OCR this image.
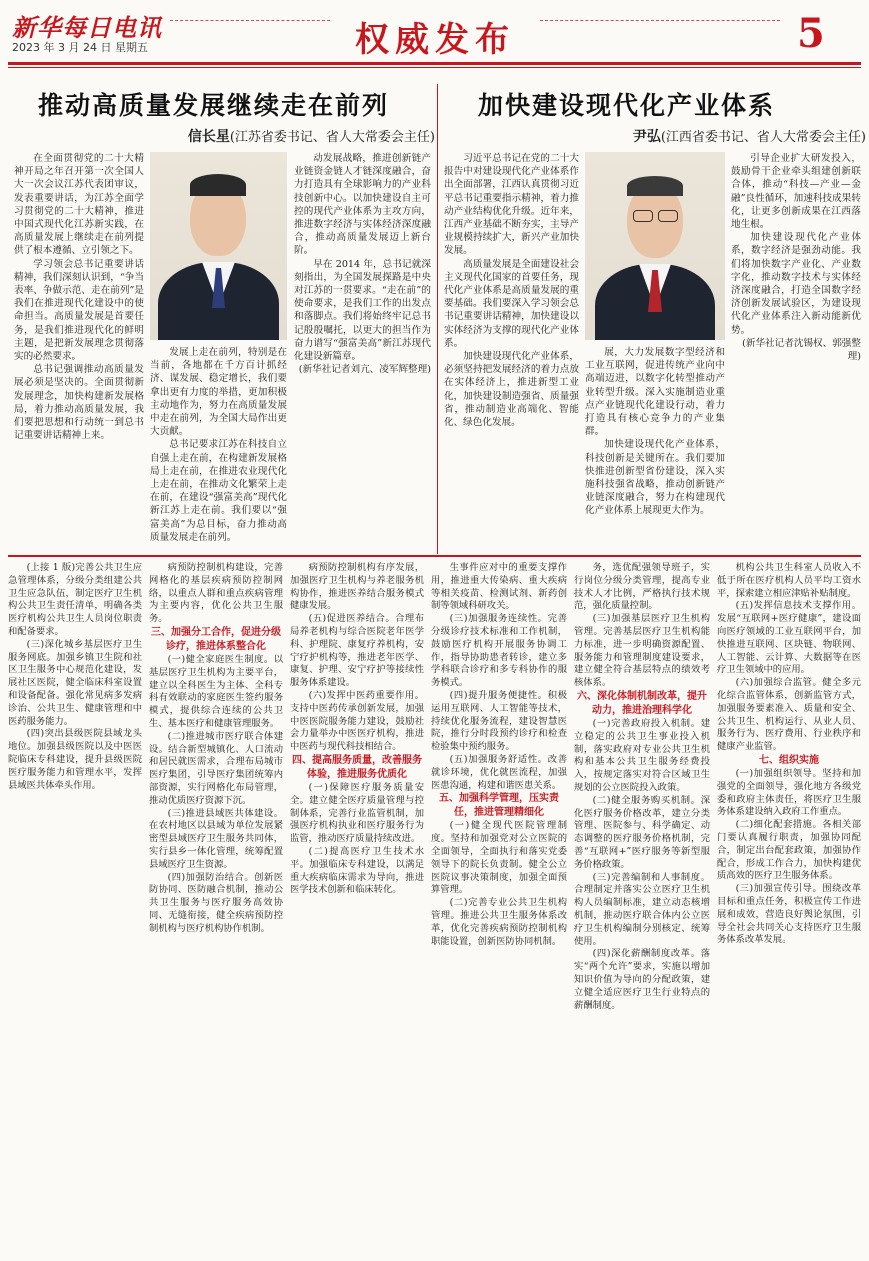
新华每日电讯
2023 年 3 月 24 日 星期五	权威发布	5
推动高质量发展继续走在前列
信长星(江苏省委书记、省人大常委会主任)
加快建设现代化产业体系
尹弘(江西省委书记、省人大常委会主任)

在全面贯彻党的二十大精神开局之年召开第一次全国人大一次会议江苏代表团审议，发表重要讲话，为江苏全面学习贯彻党的二十大精神，推进中国式现代化江苏新实践，在高质量发展上继续走在前列提供了根本遵循、立引领之下。

学习领会总书记重要讲话精神，我们深刻认识到，“争当表率、争做示范、走在前列”是我们在推进现代化建设中的使命担当。高质量发展是首要任务，是我们推进现代化的鲜明主题，是把新发展理念贯彻落实的必然要求。

总书记强调推动高质量发展必须是坚决的。全面贯彻新发展理念，加快构建新发展格局，着力推动高质量发展，我们要把思想和行动统一到总书记重要讲话精神上来。

发展上走在前列，特别是在当前，各地都在千方百计抓经济、谋发展、稳定增长，我们要拿出更有力度的举措，更加积极主动地作为，努力在高质量发展中走在前列，为全国大局作出更大贡献。

总书记要求江苏在科技自立自强上走在前，在构建新发展格局上走在前，在推进农业现代化上走在前，在推动文化繁荣上走在前，在建设“强富美高”现代化新江苏上走在前。我们要以“强富美高”为总目标，奋力推动高质量发展走在前列。

动发展战略，推进创新链产业链资金链人才链深度融合，奋力打造具有全球影响力的产业科技创新中心。以加快建设自主可控的现代产业体系为主攻方向，推进数字经济与实体经济深度融合，推动高质量发展迈上新台阶。

早在 2014 年，总书记就深刻指出，为全国发展探路是中央对江苏的一贯要求。“走在前”的使命要求，是我们工作的出发点和落脚点。我们将始终牢记总书记殷殷嘱托，以更大的担当作为奋力谱写“强富美高”新江苏现代化建设新篇章。

(新华社记者刘亢、凌军辉整理)

习近平总书记在党的二十大报告中对建设现代化产业体系作出全面部署，江西认真贯彻习近平总书记重要指示精神，着力推动产业结构优化升级。近年来，江西产业基础不断夯实，主导产业规模持续扩大，新兴产业加快发展。

高质量发展是全面建设社会主义现代化国家的首要任务，现代化产业体系是高质量发展的重要基础。我们要深入学习领会总书记重要讲话精神，加快建设以实体经济为支撑的现代化产业体系。

加快建设现代化产业体系，必须坚持把发展经济的着力点放在实体经济上，推进新型工业化，加快建设制造强省、质量强省，推动制造业高端化、智能化、绿色化发展。

展，大力发展数字型经济和工业互联网，促进传统产业向中高端迈进，以数字化转型推动产业转型升级。深入实施制造业重点产业链现代化建设行动，着力打造具有核心竞争力的产业集群。

加快建设现代化产业体系，科技创新是关键所在。我们要加快推进创新型省份建设，深入实施科技强省战略，推动创新链产业链深度融合，努力在构建现代化产业体系上展现更大作为。

引导企业扩大研发投入，鼓励骨干企业牵头组建创新联合体，推动“科技—产业—金融”良性循环，加速科技成果转化，让更多创新成果在江西落地生根。

加快建设现代化产业体系，数字经济是强劲动能。我们将加快数字产业化、产业数字化，推动数字技术与实体经济深度融合，打造全国数字经济创新发展试验区，为建设现代化产业体系注入新动能新优势。

(新华社记者沈锡权、郭强整理)

(上接 1 版)完善公共卫生应急管理体系，分级分类组建公共卫生应急队伍，制定医疗卫生机构公共卫生责任清单，明确各类医疗机构公共卫生人员岗位职责和配备要求。

(三)深化城乡基层医疗卫生服务网底。加强乡镇卫生院和社区卫生服务中心规范化建设，发展社区医院，健全临床科室设置和设备配备。强化常见病多发病诊治、公共卫生、健康管理和中医药服务能力。

(四)突出县级医院县域龙头地位。加强县级医院以及中医医院临床专科建设，提升县级医院医疗服务能力和管理水平，发挥县域医共体牵头作用。

病预防控制机构建设，完善网格化的基层疾病预防控制网络，以重点人群和重点疾病管理为主要内容，优化公共卫生服务。

三、加强分工合作，促进分级诊疗，推进体系整合化

(一)健全家庭医生制度。以基层医疗卫生机构为主要平台，建立以全科医生为主体、全科专科有效联动的家庭医生签约服务模式，提供综合连续的公共卫生、基本医疗和健康管理服务。

(二)推进城市医疗联合体建设。结合新型城镇化、人口流动和居民就医需求，合理布局城市医疗集团，引导医疗集团统筹内部资源，实行网格化布局管理，推动优质医疗资源下沉。

(三)推进县域医共体建设。在农村地区以县域为单位发展紧密型县域医疗卫生服务共同体，实行县乡一体化管理，统筹配置县域医疗卫生资源。

(四)加强防治结合。创新医防协同、医防融合机制，推动公共卫生服务与医疗服务高效协同、无缝衔接，健全疾病预防控制机构与医疗机构协作机制。

病预防控制机构有序发展，加强医疗卫生机构与养老服务机构协作，推进医养结合服务模式健康发展。

(五)促进医养结合。合理布局养老机构与综合医院老年医学科、护理院、康复疗养机构，安宁疗护机构等，推进老年医学、康复、护理、安宁疗护等接续性服务体系建设。

(六)发挥中医药重要作用。支持中医药传承创新发展，加强中医医院服务能力建设，鼓励社会力量举办中医医疗机构，推进中医药与现代科技相结合。

四、提高服务质量，改善服务体验，推进服务优质化

(一)保障医疗服务质量安全。建立健全医疗质量管理与控制体系，完善行业监管机制，加强医疗机构执业和医疗服务行为监管，推动医疗质量持续改进。

(二)提高医疗卫生技术水平。加强临床专科建设，以满足重大疾病临床需求为导向，推进医学技术创新和临床转化。

生事件应对中的重要支撑作用，推进重大传染病、重大疾病等相关疫苗、检测试剂、新药创制等领域科研攻关。

(三)加强服务连续性。完善分级诊疗技术标准和工作机制，鼓励医疗机构开展服务协调工作，指导协助患者转诊，建立多学科联合诊疗和多专科协作的服务模式。

(四)提升服务便捷性。积极运用互联网、人工智能等技术，持续优化服务流程，建设智慧医院，推行分时段预约诊疗和检查检验集中预约服务。

(五)加强服务舒适性。改善就诊环境，优化就医流程，加强医患沟通，构建和谐医患关系。

五、加强科学管理，压实责任，推进管理精细化

(一)健全现代医院管理制度。坚持和加强党对公立医院的全面领导，全面执行和落实党委领导下的院长负责制。健全公立医院议事决策制度，加强全面预算管理。

(二)完善专业公共卫生机构管理。推进公共卫生服务体系改革，优化完善疾病预防控制机构职能设置，创新医防协同机制。

务，选优配强领导班子，实行岗位分级分类管理，提高专业技术人才比例，严格执行技术规范，强化质量控制。

(三)加强基层医疗卫生机构管理。完善基层医疗卫生机构能力标准，进一步明确资源配置、服务能力和管理制度建设要求，建立健全符合基层特点的绩效考核体系。

六、深化体制机制改革，提升动力，推进治理科学化

(一)完善政府投入机制。建立稳定的公共卫生事业投入机制，落实政府对专业公共卫生机构和基本公共卫生服务经费投入，按规定落实对符合区域卫生规划的公立医院投入政策。

(二)健全服务购买机制。深化医疗服务价格改革，建立分类管理、医院参与、科学确定、动态调整的医疗服务价格机制，完善“互联网+”医疗服务等新型服务价格政策。

(三)完善编制和人事制度。合理制定并落实公立医疗卫生机构人员编制标准，建立动态核增机制，推动医疗联合体内公立医疗卫生机构编制分别核定、统筹使用。

(四)深化薪酬制度改革。落实“两个允许”要求，实施以增加知识价值为导向的分配政策，建立健全适应医疗卫生行业特点的薪酬制度。

机构公共卫生科室人员收入不低于所在医疗机构人员平均工资水平，探索建立相应津贴补贴制度。

(五)发挥信息技术支撑作用。发展“互联网+医疗健康”，建设面向医疗领域的工业互联网平台，加快推进互联网、区块链、物联网、人工智能、云计算、大数据等在医疗卫生领域中的应用。

(六)加强综合监管。健全多元化综合监管体系，创新监管方式，加强服务要素准入、质量和安全、公共卫生、机构运行、从业人员、服务行为、医疗费用、行业秩序和健康产业监管。

七、组织实施

(一)加强组织领导。坚持和加强党的全面领导，强化地方各级党委和政府主体责任，将医疗卫生服务体系建设纳入政府工作重点。

(二)细化配套措施。各相关部门要认真履行职责，加强协同配合，制定出台配套政策，加强协作配合，形成工作合力，加快构建优质高效的医疗卫生服务体系。

(三)加强宣传引导。围绕改革目标和重点任务，积极宣传工作进展和成效，营造良好舆论氛围，引导全社会共同关心支持医疗卫生服务体系改革发展。
